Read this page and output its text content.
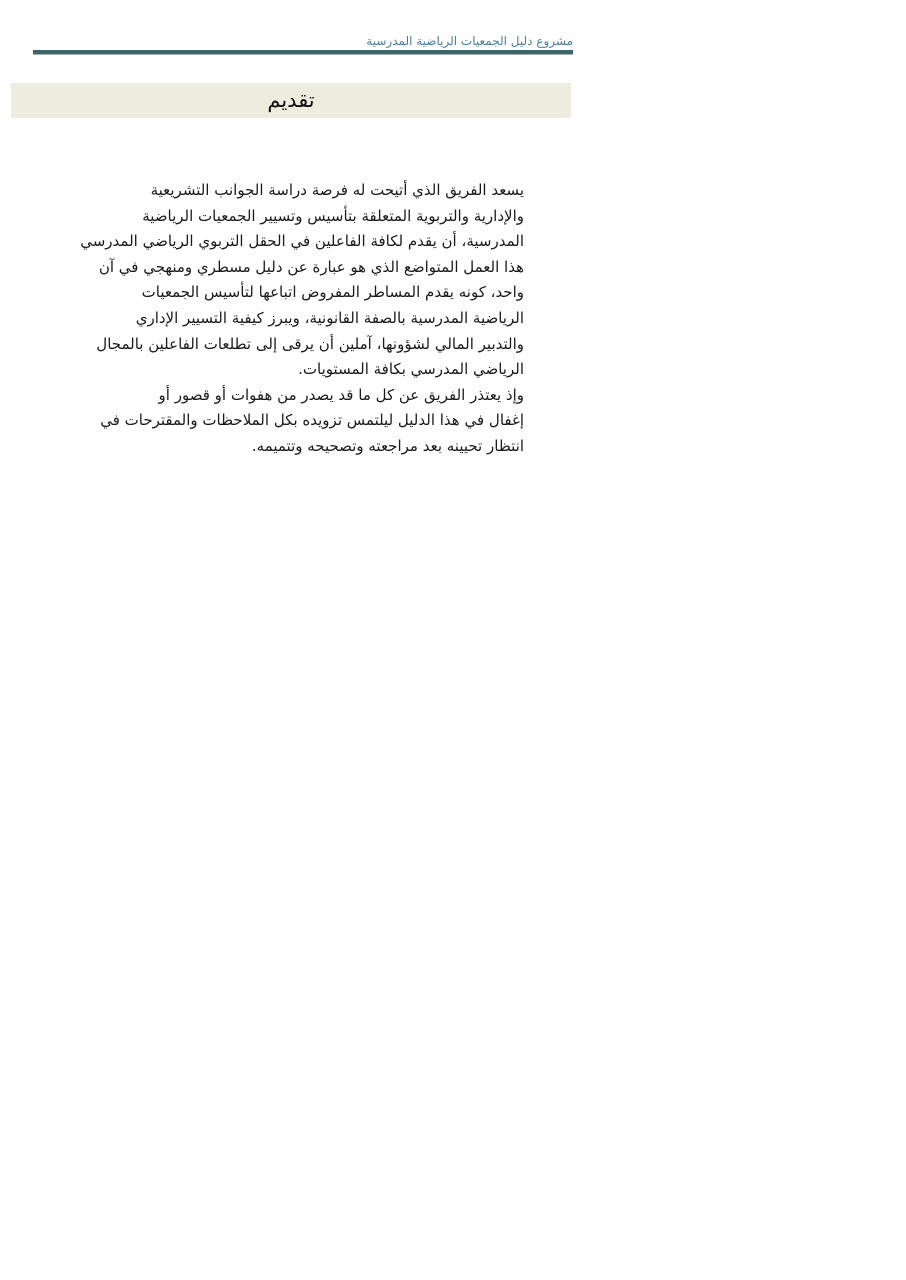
مشروع دليل الجمعيات الرياضية المدرسية
تقديم
يسعد الفريق الذي أتيحت له فرصة دراسة الجوانب التشريعية
والإدارية والتربوية المتعلقة بتأسيس وتسيير الجمعيات الرياضية
المدرسية، أن يقدم لكافة الفاعلين في الحقل التربوي الرياضي المدرسي
هذا العمل المتواضع الذي هو عبارة عن دليل مسطري ومنهجي في آن
واحد، كونه يقدم المساطر المفروض اتباعها لتأسيس الجمعيات
الرياضية المدرسية بالصفة القانونية، ويبرز كيفية التسيير الإداري
والتدبير المالي لشؤونها، آملين أن يرقى إلى تطلعات الفاعلين بالمجال
الرياضي المدرسي بكافة المستويات.
وإذ يعتذر الفريق عن كل ما قد يصدر من هفوات أو قصور أو
إغفال في هذا الدليل ليلتمس تزويده بكل الملاحظات والمقترحات في
انتظار تحيينه بعد مراجعته وتصحيحه وتتميمه.
